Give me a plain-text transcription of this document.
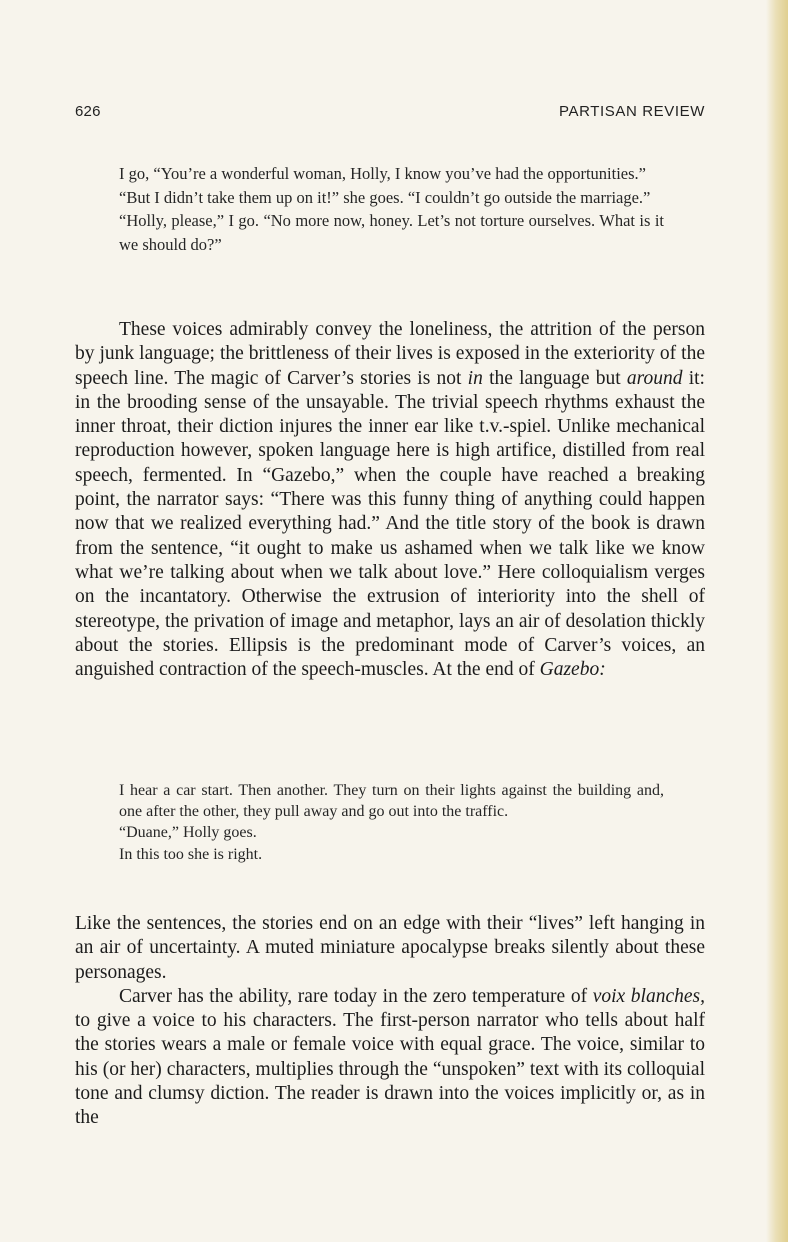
626	PARTISAN REVIEW

I go, “You’re a wonderful woman, Holly, I know you’ve had the opportunities.”

“But I didn’t take them up on it!” she goes. “I couldn’t go outside the marriage.”

“Holly, please,” I go. “No more now, honey. Let’s not torture ourselves. What is it we should do?”

These voices admirably convey the loneliness, the attrition of the person by junk language; the brittleness of their lives is exposed in the exteriority of the speech line. The magic of Carver’s stories is not in the language but around it: in the brooding sense of the unsayable. The trivial speech rhythms exhaust the inner throat, their diction injures the inner ear like t.v.-spiel. Unlike mechanical reproduction however, spoken language here is high artifice, distilled from real speech, fermented. In “Gazebo,” when the couple have reached a breaking point, the narrator says: “There was this funny thing of anything could happen now that we realized everything had.” And the title story of the book is drawn from the sentence, “it ought to make us ashamed when we talk like we know what we’re talking about when we talk about love.” Here colloquialism verges on the incantatory. Otherwise the extrusion of interiority into the shell of stereotype, the privation of image and metaphor, lays an air of desolation thickly about the stories. Ellipsis is the predominant mode of Carver’s voices, an anguished contraction of the speech-muscles. At the end of Gazebo:

I hear a car start. Then another. They turn on their lights against the building and, one after the other, they pull away and go out into the traffic.

“Duane,” Holly goes.

In this too she is right.

Like the sentences, the stories end on an edge with their “lives” left hanging in an air of uncertainty. A muted miniature apocalypse breaks silently about these personages.

Carver has the ability, rare today in the zero temperature of voix blanches, to give a voice to his characters. The first-person narrator who tells about half the stories wears a male or female voice with equal grace. The voice, similar to his (or her) characters, multiplies through the “unspoken” text with its colloquial tone and clumsy diction. The reader is drawn into the voices implicitly or, as in the
